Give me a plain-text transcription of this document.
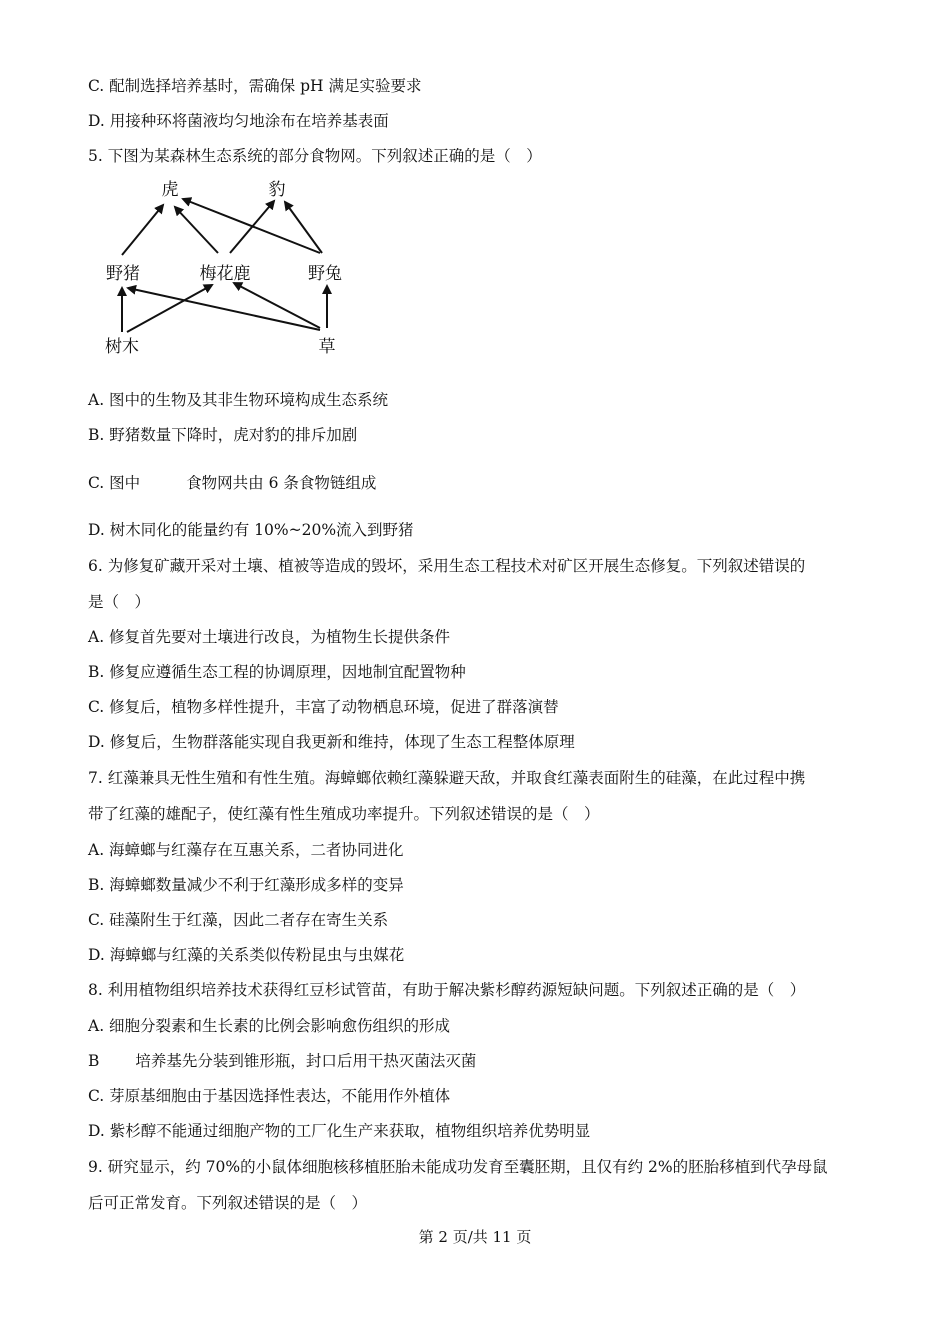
C. 配制选择培养基时，需确保 pH 满足实验要求
D. 用接种环将菌液均匀地涂布在培养基表面
5. 下图为某森林生态系统的部分食物网。下列叙述正确的是（　）
虎	豹
野猪	梅花鹿	野兔
树木	草
A. 图中的生物及其非生物环境构成生态系统
B. 野猪数量下降时，虎对豹的排斥加剧
C. 图中	食物网共由 6 条食物链组成
D. 树木同化的能量约有 10%~20%流入到野猪
6. 为修复矿藏开采对土壤、植被等造成的毁坏，采用生态工程技术对矿区开展生态修复。下列叙述错误的
是（　）
A. 修复首先要对土壤进行改良，为植物生长提供条件
B. 修复应遵循生态工程的协调原理，因地制宜配置物种
C. 修复后，植物多样性提升，丰富了动物栖息环境，促进了群落演替
D. 修复后，生物群落能实现自我更新和维持，体现了生态工程整体原理
7. 红藻兼具无性生殖和有性生殖。海蟑螂依赖红藻躲避天敌，并取食红藻表面附生的硅藻，在此过程中携
带了红藻的雄配子，使红藻有性生殖成功率提升。下列叙述错误的是（　）
A. 海蟑螂与红藻存在互惠关系，二者协同进化
B. 海蟑螂数量减少不利于红藻形成多样的变异
C. 硅藻附生于红藻，因此二者存在寄生关系
D. 海蟑螂与红藻的关系类似传粉昆虫与虫媒花
8. 利用植物组织培养技术获得红豆杉试管苗，有助于解决紫杉醇药源短缺问题。下列叙述正确的是（　）
A. 细胞分裂素和生长素的比例会影响愈伤组织的形成
B 培养基先分装到锥形瓶，封口后用干热灭菌法灭菌
C. 芽原基细胞由于基因选择性表达，不能用作外植体
D. 紫杉醇不能通过细胞产物的工厂化生产来获取，植物组织培养优势明显
9. 研究显示，约 70%的小鼠体细胞核移植胚胎未能成功发育至囊胚期，且仅有约 2%的胚胎移植到代孕母鼠
后可正常发育。下列叙述错误的是（　）
第 2 页/共 11 页
